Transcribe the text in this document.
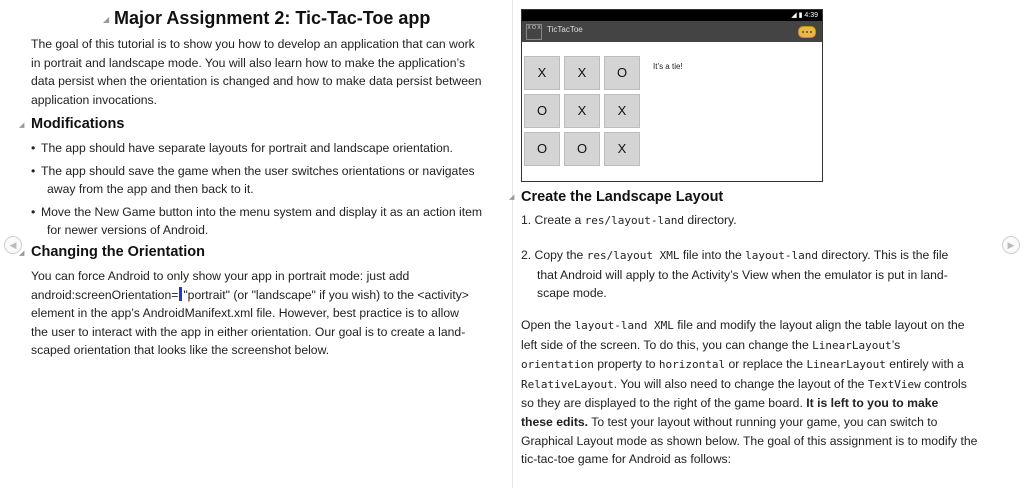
◢ Major Assignment 2: Tic-Tac-Toe app

The goal of this tutorial is to show you how to develop an application that can work

in portrait and landscape mode. You will also learn how to make the application’s

data persist when the orientation is changed and how to make data persist between

application invocations.

◢ Modifications

• The app should have separate layouts for portrait and landscape orientation.
• The app should save the game when the user switches orientations or navigates
away from the app and then back to it.
• Move the New Game button into the menu system and display it as an action item
for newer versions of Android.
◢ Changing the Orientation

You can force Android to only show your app in portrait mode: just add

android:screenOrientation= "portrait" (or "landscape" if you wish) to the <activity>

element in the app’s AndroidManifext.xml file. However, best practice is to allow

the user to interact with the app in either orientation. Our goal is to create a land-

scaped orientation that looks like the screenshot below.

◀	▶
◢ ▮ 4:39
X O X TicTacToe
X	X	O
O	X	X
O	O	X
It’s a tie!
◢ Create the Landscape Layout

1. Create a res/layout-land directory.

2. Copy the res/layout XML file into the layout-land directory. This is the file

that Android will apply to the Activity’s View when the emulator is put in land-

scape mode.

Open the layout-land XML file and modify the layout align the table layout on the

left side of the screen. To do this, you can change the LinearLayout’s

orientation property to horizontal or replace the LinearLayout entirely with a

RelativeLayout. You will also need to change the layout of the TextView controls

so they are displayed to the right of the game board. It is left to you to make

these edits. To test your layout without running your game, you can switch to

Graphical Layout mode as shown below. The goal of this assignment is to modify the

tic-tac-toe game for Android as follows:
